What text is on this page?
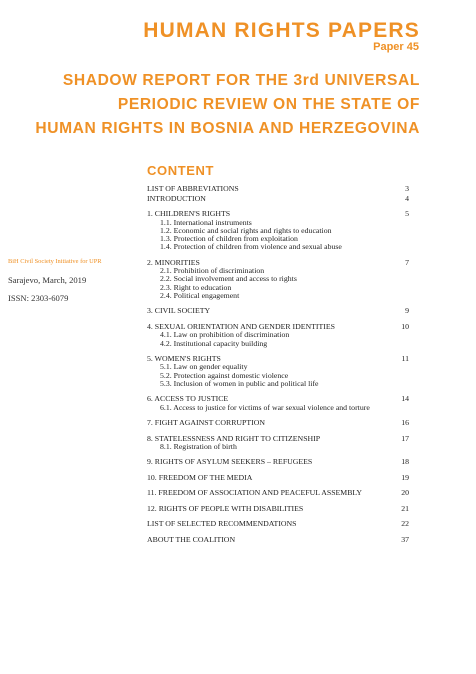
HUMAN RIGHTS PAPERS
Paper 45
SHADOW REPORT FOR THE 3rd UNIVERSAL
PERIODIC REVIEW ON THE STATE OF
HUMAN RIGHTS IN BOSNIA AND HERZEGOVINA
BiH Civil Society Initiative for UPR
Sarajevo, March, 2019
ISSN: 2303-6079
CONTENT
LIST OF ABBREVIATIONS	3
INTRODUCTION	4
1. CHILDREN'S RIGHTS	5
1.1. International instruments
1.2. Economic and social rights and rights to education
1.3. Protection of children from exploitation
1.4. Protection of children from violence and sexual abuse
2. MINORITIES	7
2.1. Prohibition of discrimination
2.2. Social involvement and access to rights
2.3. Right to education
2.4. Political engagement
3. CIVIL SOCIETY	9
4. SEXUAL ORIENTATION AND GENDER IDENTITIES	10
4.1. Law on prohibition of discrimination
4.2. Institutional capacity building
5. WOMEN'S RIGHTS	11
5.1. Law on gender equality
5.2. Protection against domestic violence
5.3. Inclusion of women in public and political life
6. ACCESS TO JUSTICE	14
6.1. Access to justice for victims of war sexual violence and torture
7. FIGHT AGAINST CORRUPTION	16
8. STATELESSNESS AND RIGHT TO CITIZENSHIP	17
8.1. Registration of birth
9. RIGHTS OF ASYLUM SEEKERS – REFUGEES	18
10. FREEDOM OF THE MEDIA	19
11. FREEDOM OF ASSOCIATION AND PEACEFUL ASSEMBLY	20
12. RIGHTS OF PEOPLE WITH DISABILITIES	21
LIST OF SELECTED RECOMMENDATIONS	22
ABOUT THE COALITION	37
